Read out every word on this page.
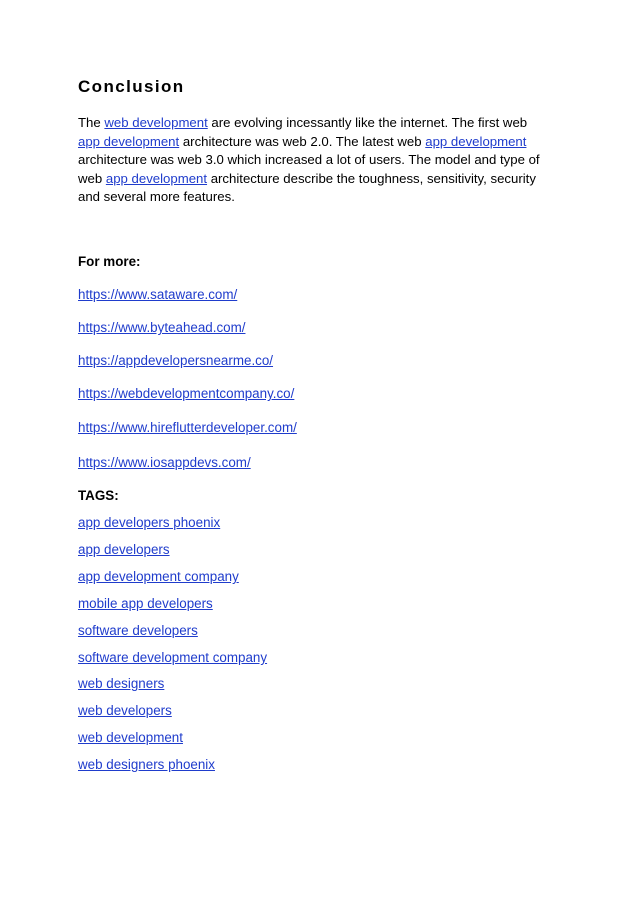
Conclusion

The web development are evolving incessantly like the internet. The first web app development architecture was web 2.0. The latest web app development architecture was web 3.0 which increased a lot of users. The model and type of web app development architecture describe the toughness, sensitivity, security and several more features.

For more:

https://www.sataware.com/
https://www.byteahead.com/
https://appdevelopersnearme.co/
https://webdevelopmentcompany.co/
https://www.hireflutterdeveloper.com/
https://www.iosappdevs.com/

TAGS:

app developers phoenix
app developers
app development company
mobile app developers
software developers
software development company
web designers
web developers
web development
web designers phoenix
